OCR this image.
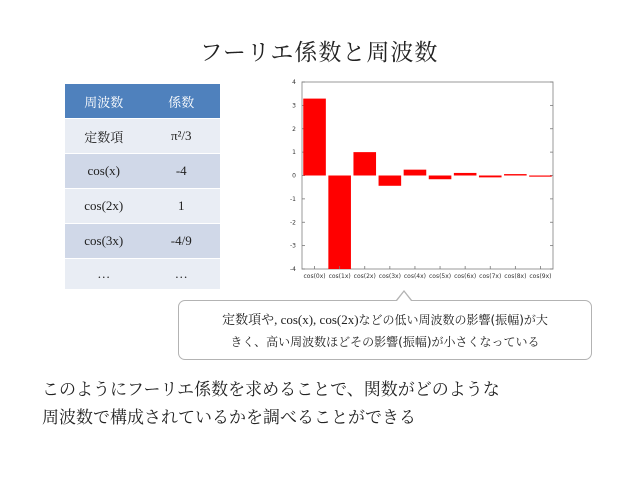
フーリエ係数と周波数
周波数	係数
定数項	π²/3
cos(x)	-4
cos(2x)	1
cos(3x)	-4/9
…	…
4
3
2
1
0
-1
-2
-3
-4
cos(0x) cos(1x) cos(2x) cos(3x) cos(4x) cos(5x) cos(6x) cos(7x) cos(8x) cos(9x)
定数項や, cos(x), cos(2x)などの低い周波数の影響(振幅)が大
きく、高い周波数ほどその影響(振幅)が小さくなっている
このようにフーリエ係数を求めることで、関数がどのような
周波数で構成されているかを調べることができる
